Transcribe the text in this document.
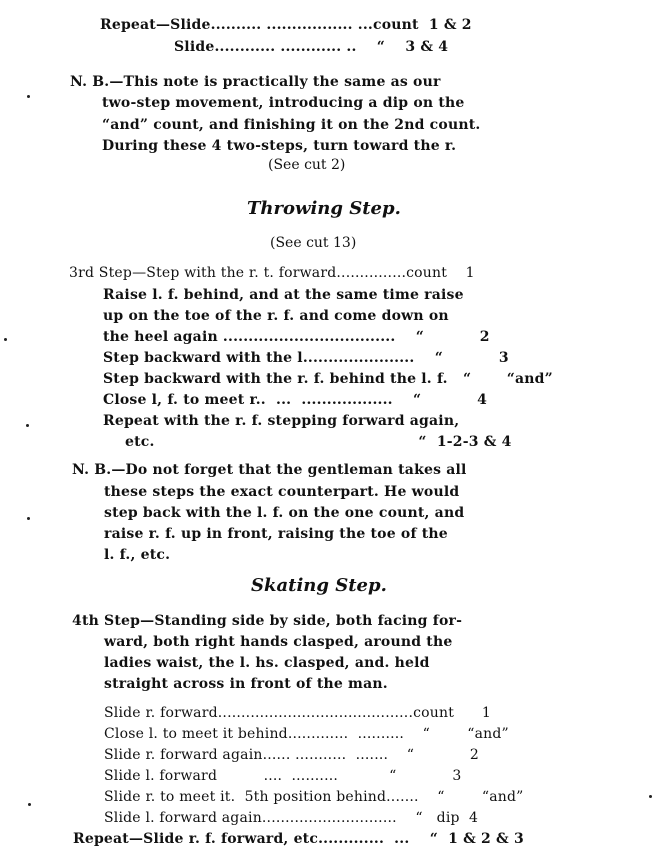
Repeat—Slide.......... ................. ...count  1 & 2
Slide............ ............ ..    “    3 & 4
N. B.—This note is practically the same as our
two-step movement, introducing a dip on the
“and” count, and finishing it on the 2nd count.
During these 4 two-steps, turn toward the r.
(See cut 2)
Throwing Step.
(See cut 13)
3rd Step—Step with the r. t. forward...............count    1
Raise l. f. behind, and at the same time raise
up on the toe of the r. f. and come down on
the heel again ..................................    “           2
Step backward with the l......................    “           3
Step backward with the r. f. behind the l. f.   “       “and”
Close l, f. to meet r..  ...  ..................    “           4
Repeat with the r. f. stepping forward again,
etc.                                                    “  1-2-3 & 4
N. B.—Do not forget that the gentleman takes all
these steps the exact counterpart. He would
step back with the l. f. on the one count, and
raise r. f. up in front, raising the toe of the
l. f., etc.
Skating Step.
4th Step—Standing side by side, both facing for-
ward, both right hands clasped, around the
ladies waist, the l. hs. clasped, and. held
straight across in front of the man.
Slide r. forward..........................................count      1
Close l. to meet it behind.............  ..........    “        “and”
Slide r. forward again...... ...........  .......    “            2
Slide l. forward          ....  ..........           “            3
Slide r. to meet it.  5th position behind.......    “        “and”
Slide l. forward again.............................    “   dip  4
Repeat—Slide r. f. forward, etc.............  ...    “  1 & 2 & 3
